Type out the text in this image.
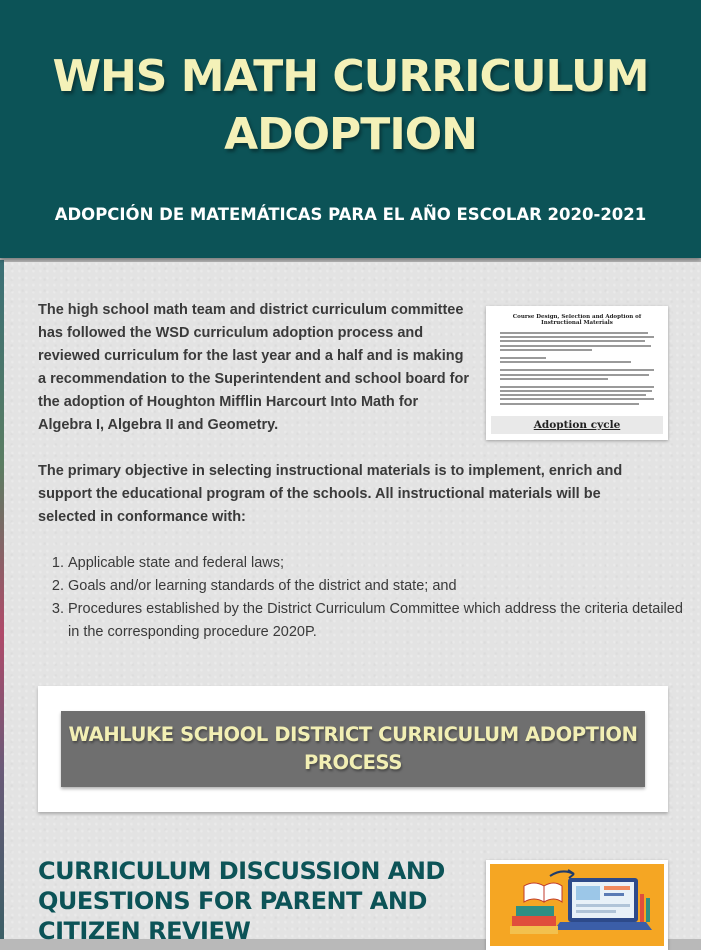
WHS MATH CURRICULUM ADOPTION
ADOPCIÓN DE MATEMÁTICAS PARA EL AÑO ESCOLAR 2020-2021

The high school math team and district curriculum committee has followed the WSD curriculum adoption process and reviewed curriculum for the last year and a half and is making a recommendation to the Superintendent and school board for the adoption of Houghton Mifflin Harcourt Into Math for Algebra I, Algebra II and Geometry.

Course Design, Selection and Adoption of Instructional Materials
Adoption cycle

The primary objective in selecting instructional materials is to implement, enrich and support the educational program of the schools. All instructional materials will be selected in conformance with:

1. Applicable state and federal laws;
2. Goals and/or learning standards of the district and state; and
3. Procedures established by the District Curriculum Committee which address the criteria detailed in the corresponding procedure 2020P.
WAHLUKE SCHOOL DISTRICT CURRICULUM ADOPTION PROCESS
CURRICULUM DISCUSSION AND QUESTIONS FOR PARENT AND CITIZEN REVIEW
